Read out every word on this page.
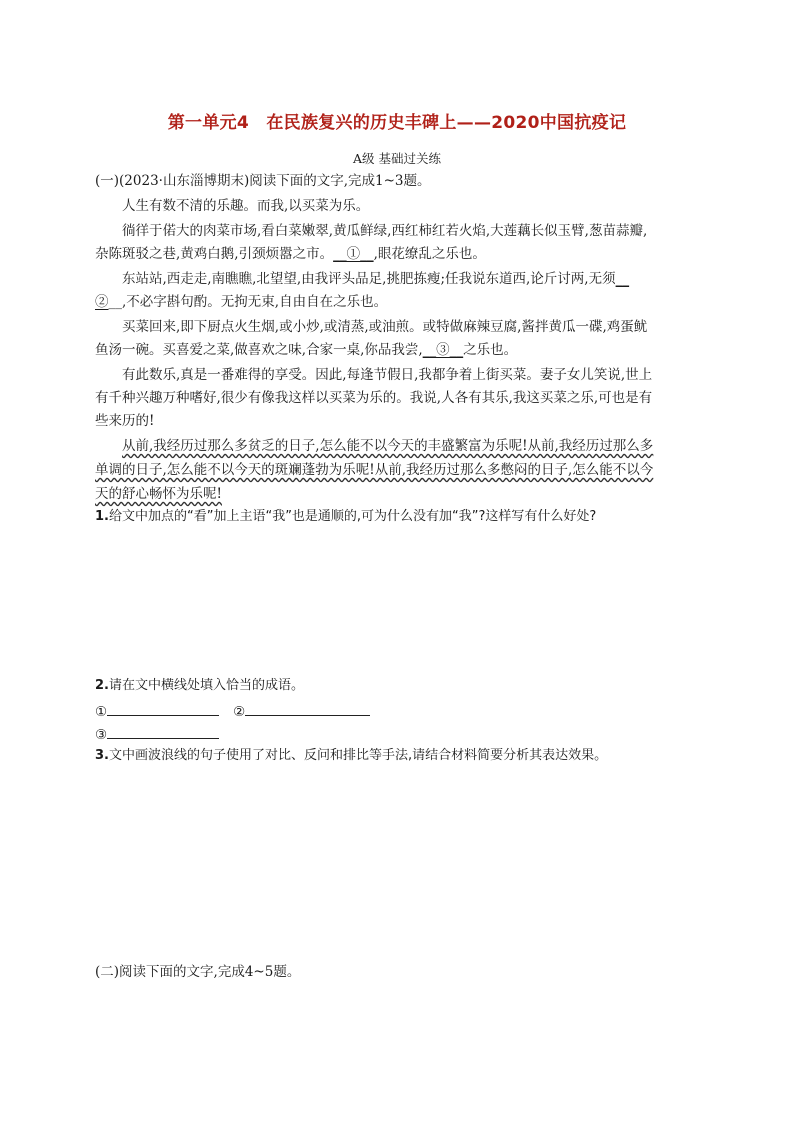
第一单元4　在民族复兴的历史丰碑上——2020中国抗疫记
A级 基础过关练
(一)(2023·山东淄博期末)阅读下面的文字,完成1~3题。
人生有数不清的乐趣。而我,以买菜为乐。
徜徉于偌大的肉菜市场,看白菜嫩翠,黄瓜鲜绿,西红柿红若火焰,大莲藕长似玉臂,葱苗蒜瓣,
杂陈斑驳之巷,黄鸡白鹅,引颈烦嚣之市。__①__,眼花缭乱之乐也。
东站站,西走走,南瞧瞧,北望望,由我评头品足,挑肥拣瘦;任我说东道西,论斤讨两,无须__
②__,不必字斟句酌。无拘无束,自由自在之乐也。
买菜回来,即下厨点火生烟,或小炒,或清蒸,或油煎。或特做麻辣豆腐,酱拌黄瓜一碟,鸡蛋鱿
鱼汤一碗。买喜爱之菜,做喜欢之味,合家一桌,你品我尝,__③__之乐也。
有此数乐,真是一番难得的享受。因此,每逢节假日,我都争着上街买菜。妻子女儿笑说,世上
有千种兴趣万种嗜好,很少有像我这样以买菜为乐的。我说,人各有其乐,我这买菜之乐,可也是有
些来历的!
从前,我经历过那么多贫乏的日子,怎么能不以今天的丰盛繁富为乐呢!从前,我经历过那么多
单调的日子,怎么能不以今天的斑斓蓬勃为乐呢!从前,我经历过那么多憋闷的日子,怎么能不以今
天的舒心畅怀为乐呢!
1.给文中加点的“看”加上主语“我”也是通顺的,可为什么没有加“我”?这样写有什么好处?
2.请在文中横线处填入恰当的成语。
①	②
③
3.文中画波浪线的句子使用了对比、反问和排比等手法,请结合材料简要分析其表达效果。
(二)阅读下面的文字,完成4~5题。
